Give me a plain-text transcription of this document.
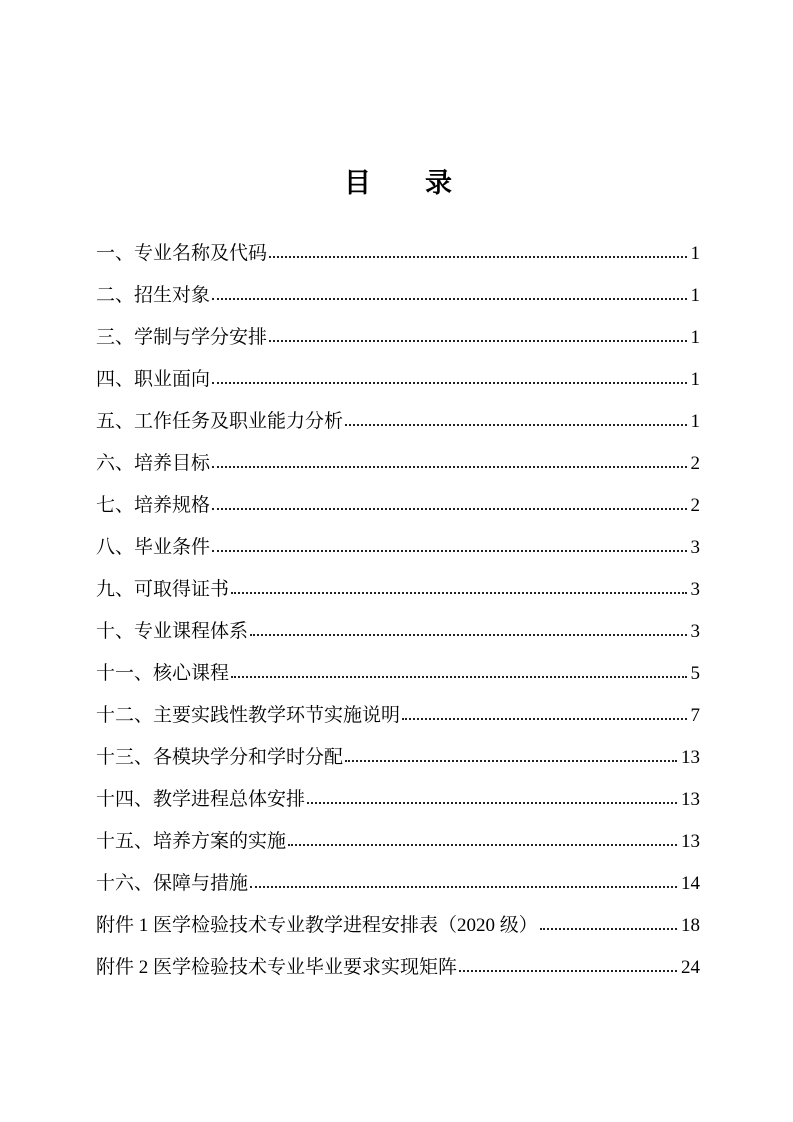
目　　录
一、专业名称及代码	1
二、招生对象	1
三、学制与学分安排	1
四、职业面向	1
五、工作任务及职业能力分析	1
六、培养目标	2
七、培养规格	2
八、毕业条件	3
九、可取得证书	3
十、专业课程体系	3
十一、核心课程	5
十二、主要实践性教学环节实施说明	7
十三、各模块学分和学时分配	13
十四、教学进程总体安排	13
十五、培养方案的实施	13
十六、保障与措施	14
附件 1 医学检验技术专业教学进程安排表（2020 级）	18
附件 2 医学检验技术专业毕业要求实现矩阵	24
